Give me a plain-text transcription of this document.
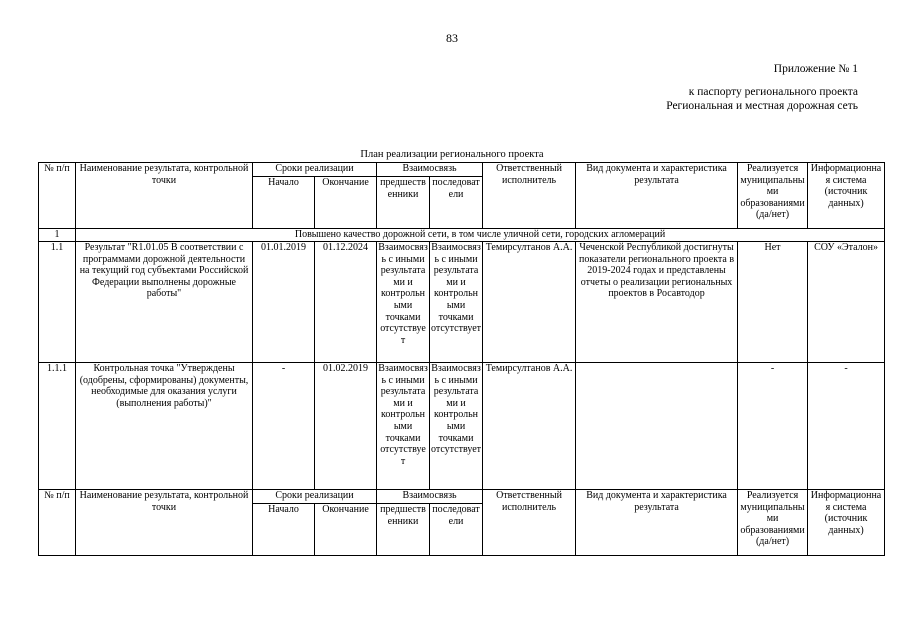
83
Приложение № 1
к паспорту регионального проекта
Региональная и местная дорожная сеть
План реализации регионального проекта
№ п/п	Наименование результата, контрольной точки	Сроки реализации		Взаимосвязь		Ответственный исполнитель	Вид документа и характеристика результата	Реализуется муниципальными образованиями (да/нет)	Информационная система (источник данных)
		Начало	Окончание	предшественники	последователи				
1	Повышено качество дорожной сети, в том числе уличной сети, городских агломераций								
1.1	Результат "R1.01.05 В соответствии с программами дорожной деятельности на текущий год субъектами Российской Федерации выполнены дорожные работы"	01.01.2019	01.12.2024	Взаимосвязь с иными результатами и контрольными точками отсутствует	Взаимосвязь с иными результатами и контрольными точками отсутствует	Темирсултанов А.А.	Чеченской Республикой достигнуты показатели регионального проекта в 2019-2024 годах и представлены отчеты о реализации региональных проектов в Росавтодор	Нет	СОУ «Эталон»
1.1.1	Контрольная точка "Утверждены (одобрены, сформированы) документы, необходимые для оказания услуги (выполнения работы)"	-	01.02.2019	Взаимосвязь с иными результатами и контрольными точками отсутствует	Взаимосвязь с иными результатами и контрольными точками отсутствует	Темирсултанов А.А.		-	-
№ п/п	Наименование результата, контрольной точки	Сроки реализации		Взаимосвязь		Ответственный исполнитель	Вид документа и характеристика результата	Реализуется муниципальными образованиями (да/нет)	Информационная система (источник данных)
		Начало	Окончание	предшественники	последователи				
